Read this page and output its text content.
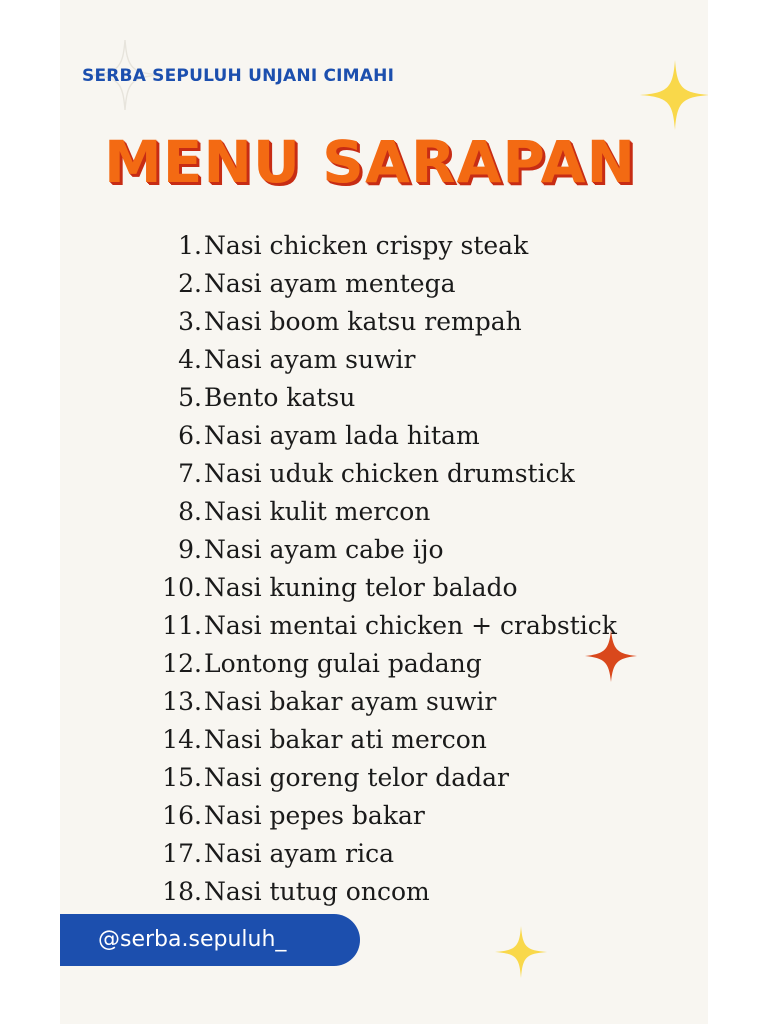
SERBA SEPULUH UNJANI CIMAHI
MENU SARAPAN
1. Nasi chicken crispy steak
2. Nasi ayam mentega
3. Nasi boom katsu rempah
4. Nasi ayam suwir
5. Bento katsu
6. Nasi ayam lada hitam
7. Nasi uduk chicken drumstick
8. Nasi kulit mercon
9. Nasi ayam cabe ijo
10. Nasi kuning telor balado
11. Nasi mentai chicken + crabstick
12. Lontong gulai padang
13. Nasi bakar ayam suwir
14. Nasi bakar ati mercon
15. Nasi goreng telor dadar
16. Nasi pepes bakar
17. Nasi ayam rica
18. Nasi tutug oncom
@serba.sepuluh_
